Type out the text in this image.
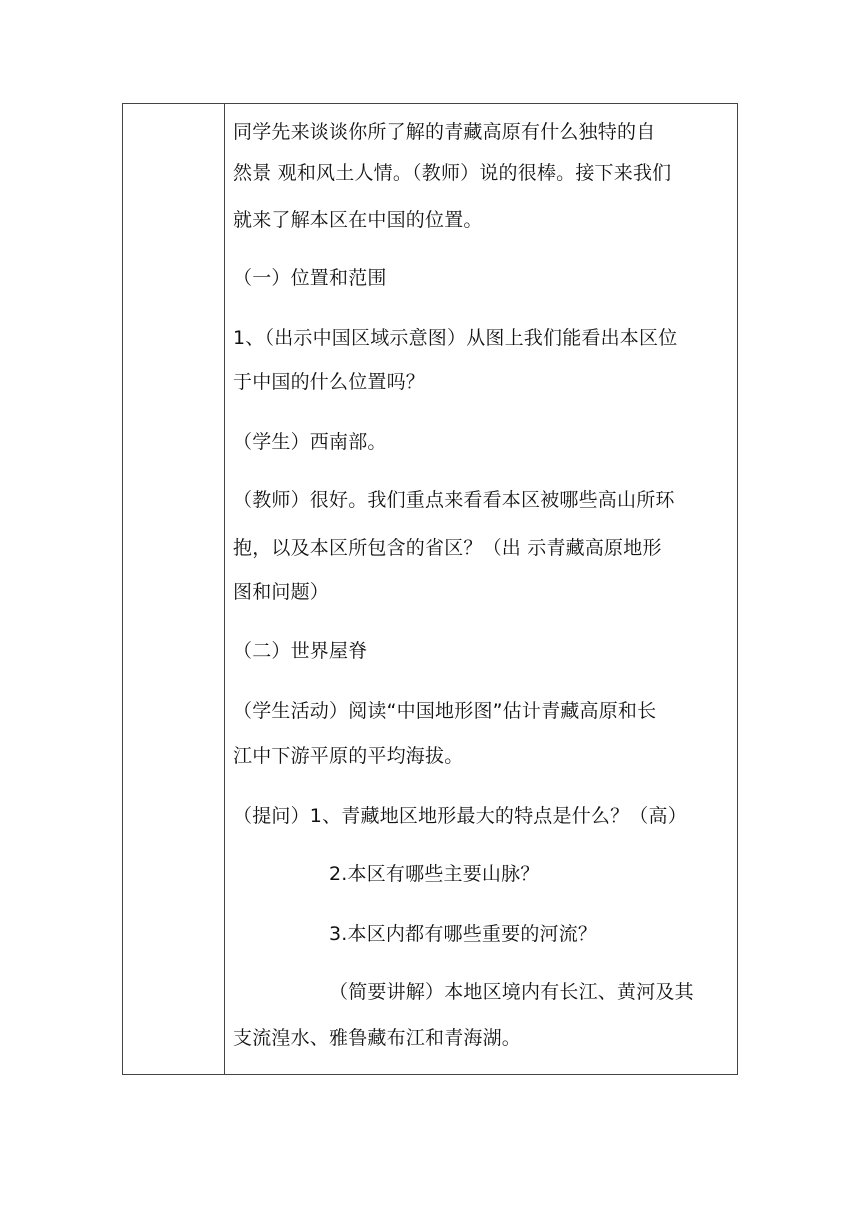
同学先来谈谈你所了解的青藏高原有什么独特的自
然景 观和风土人情。（教师）说的很棒。接下来我们
就来了解本区在中国的位置。
（一）位置和范围
1、（出示中国区域示意图）从图上我们能看出本区位
于中国的什么位置吗？
（学生）西南部。
（教师）很好。我们重点来看看本区被哪些高山所环
抱，以及本区所包含的省区？（出 示青藏高原地形
图和问题）
（二）世界屋脊
（学生活动）阅读“中国地形图”估计青藏高原和长
江中下游平原的平均海拔。
（提问）1、青藏地区地形最大的特点是什么？（高）
2.本区有哪些主要山脉？
3.本区内都有哪些重要的河流？
（简要讲解）本地区境内有长江、黄河及其
支流湟水、雅鲁藏布江和青海湖。
